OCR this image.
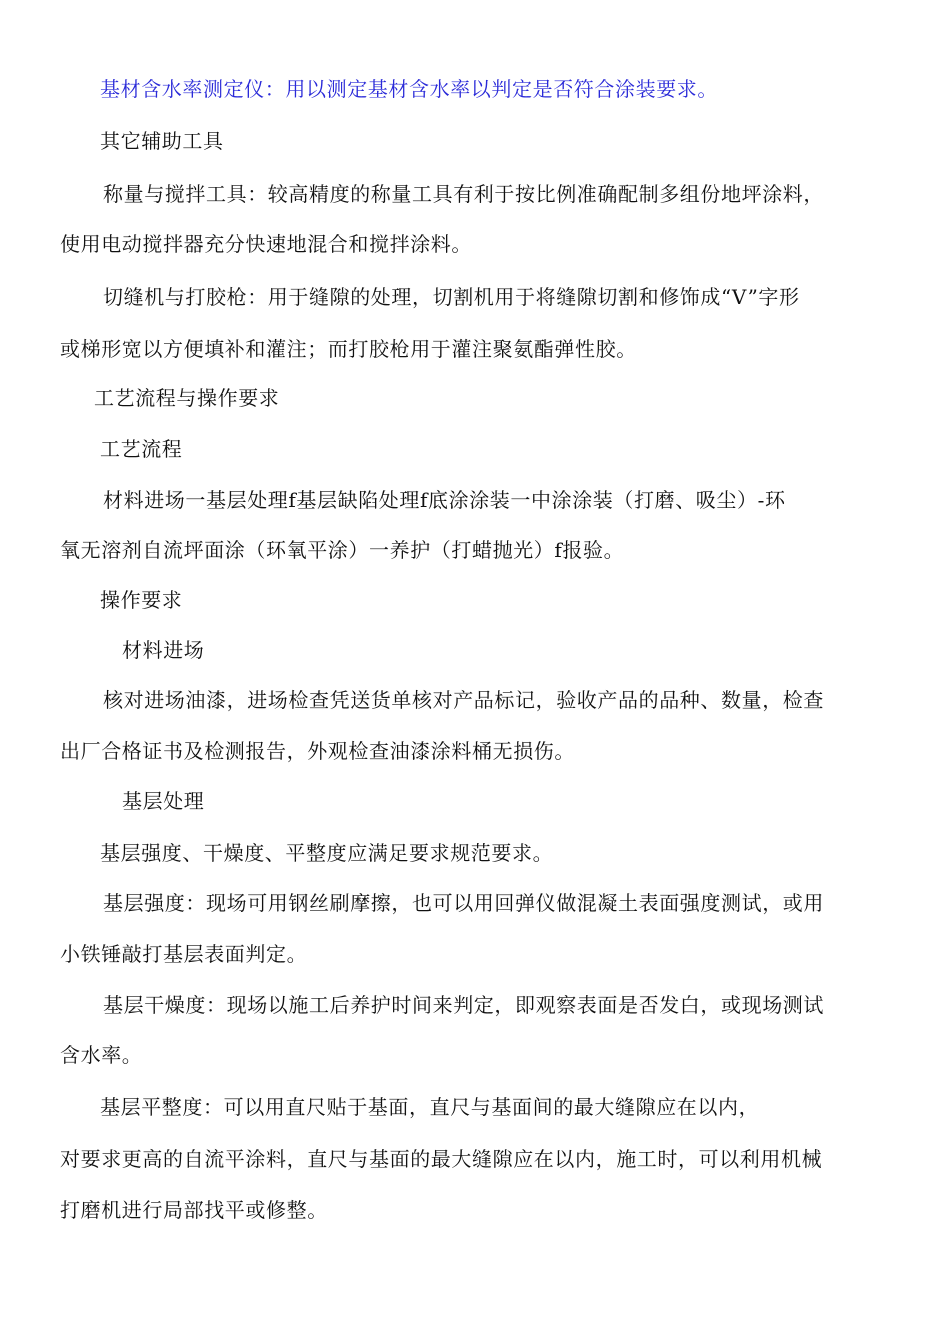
基材含水率测定仪：用以测定基材含水率以判定是否符合涂装要求。

其它辅助工具

称量与搅拌工具：较高精度的称量工具有利于按比例准确配制多组份地坪涂料，

使用电动搅拌器充分快速地混合和搅拌涂料。

切缝机与打胶枪：用于缝隙的处理，切割机用于将缝隙切割和修饰成“V”字形

或梯形宽以方便填补和灌注；而打胶枪用于灌注聚氨酯弹性胶。

工艺流程与操作要求

工艺流程

材料进场一基层处理f基层缺陷处理f底涂涂装一中涂涂装（打磨、吸尘）-环

氧无溶剂自流坪面涂（环氧平涂）一养护（打蜡抛光）f报验。

操作要求

材料进场

核对进场油漆，进场检查凭送货单核对产品标记，验收产品的品种、数量，检查

出厂合格证书及检测报告，外观检查油漆涂料桶无损伤。

基层处理

基层强度、干燥度、平整度应满足要求规范要求。

基层强度：现场可用钢丝刷摩擦，也可以用回弹仪做混凝土表面强度测试，或用

小铁锤敲打基层表面判定。

基层干燥度：现场以施工后养护时间来判定，即观察表面是否发白，或现场测试

含水率。

基层平整度：可以用直尺贴于基面，直尺与基面间的最大缝隙应在以内，

对要求更高的自流平涂料，直尺与基面的最大缝隙应在以内，施工时，可以利用机械

打磨机进行局部找平或修整。
